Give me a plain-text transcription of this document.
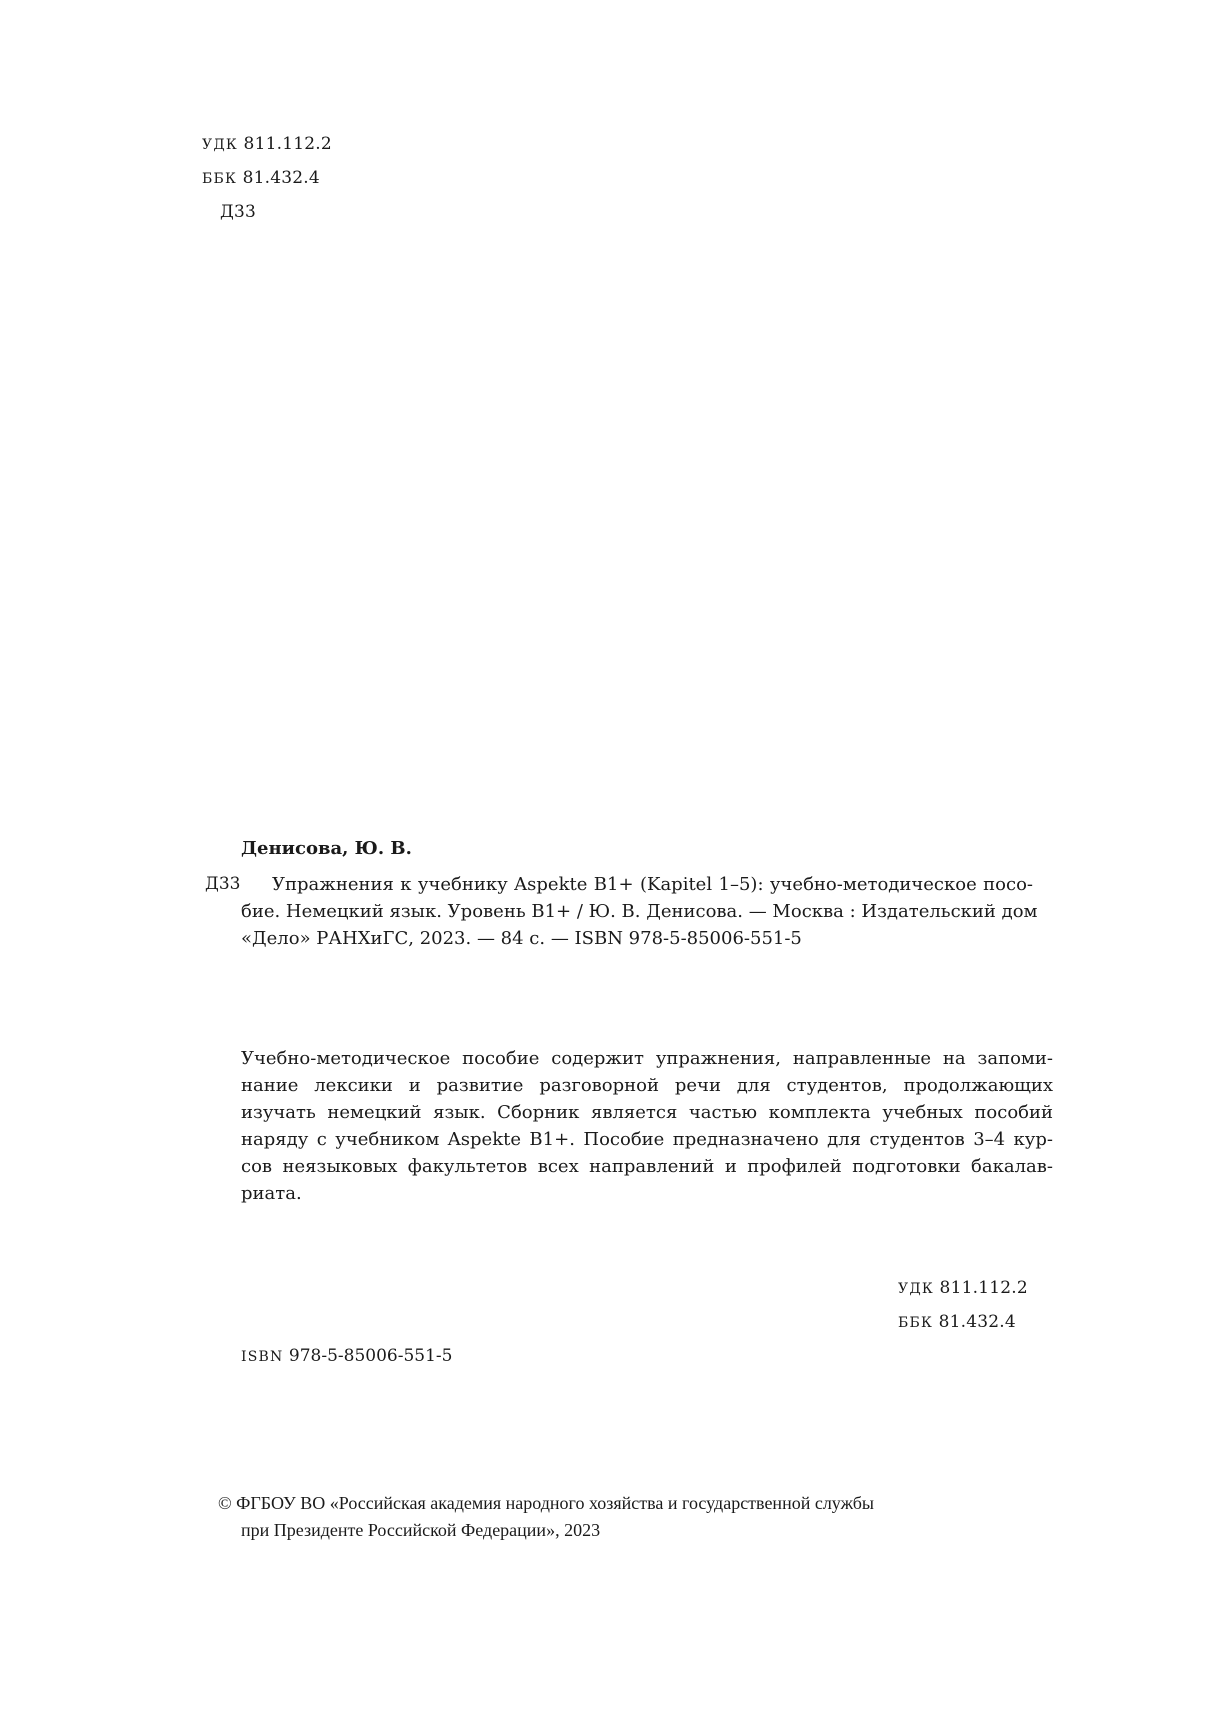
УДК 811.112.2
ББК 81.432.4
Д33
Денисова, Ю. В.
Д33 Упражнения к учебнику Aspekte B1+ (Kapitel 1–5): учебно-методическое посо-
бие. Немецкий язык. Уровень B1+ / Ю. В. Денисова. — Москва : Издательский дом
«Дело» РАНХиГС, 2023. — 84 с. — ISBN 978-5-85006-551-5
Учебно-методическое пособие содержит упражнения, направленные на запоми-
нание лексики и развитие разговорной речи для студентов, продолжающих
изучать немецкий язык. Сборник является частью комплекта учебных пособий
наряду с учебником Aspekte B1+. Пособие предназначено для студентов 3–4 кур-
сов неязыковых факультетов всех направлений и профилей подготовки бакалав-
риата.
УДК 811.112.2
ББК 81.432.4
ISBN 978-5-85006-551-5
© ФГБОУ ВО «Российская академия народного хозяйства и государственной службы
при Президенте Российской Федерации», 2023
